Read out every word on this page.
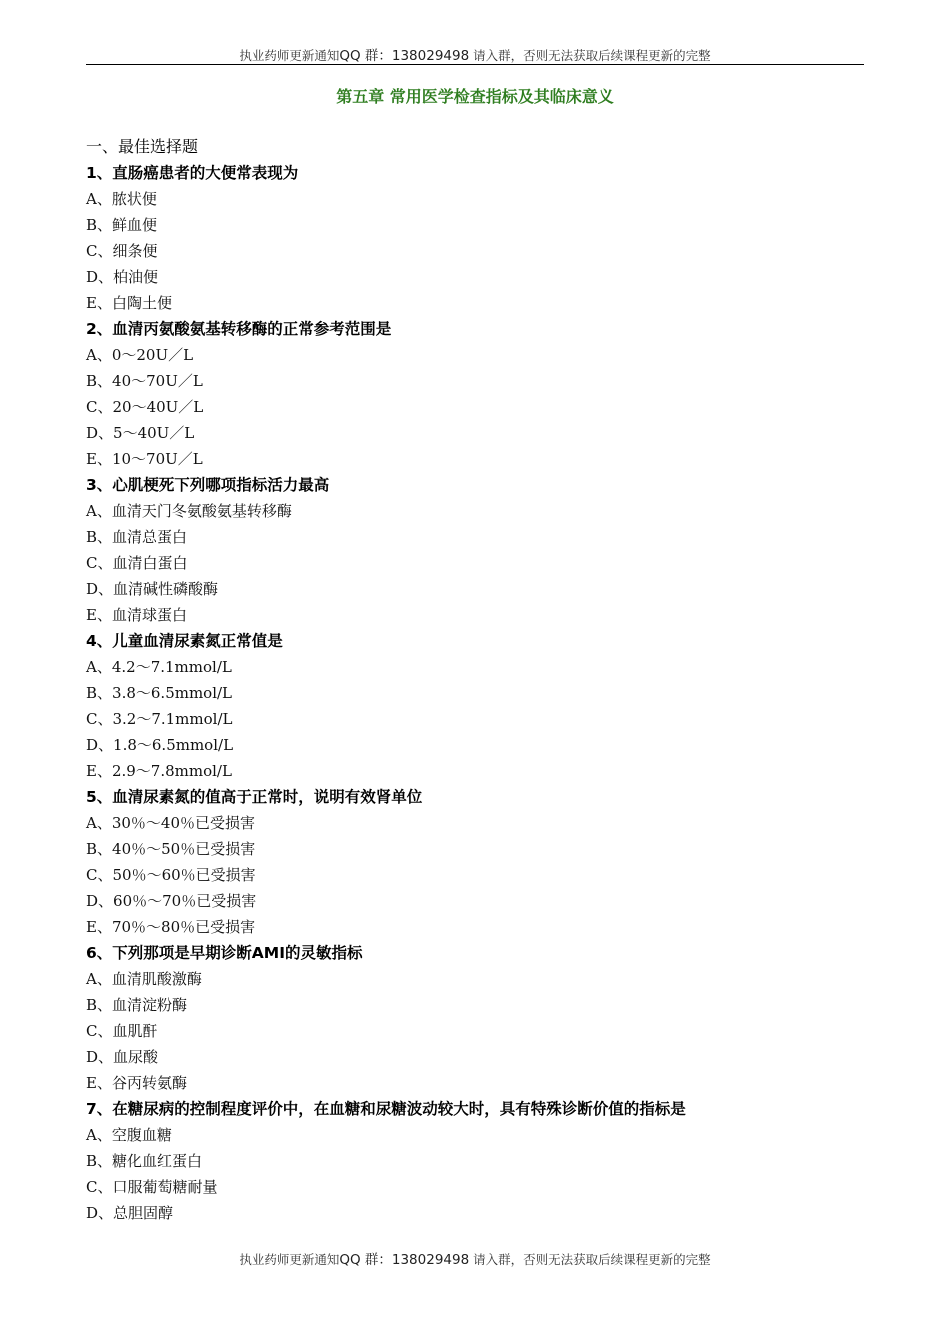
执业药师更新通知QQ 群：138029498 请入群，否则无法获取后续课程更新的完整
第五章 常用医学检查指标及其临床意义
一、最佳选择题
1、直肠癌患者的大便常表现为
A、脓状便
B、鲜血便
C、细条便
D、柏油便
E、白陶土便
2、血清丙氨酸氨基转移酶的正常参考范围是
A、0～20U／L
B、40～70U／L
C、20～40U／L
D、5～40U／L
E、10～70U／L
3、心肌梗死下列哪项指标活力最高
A、血清天门冬氨酸氨基转移酶
B、血清总蛋白
C、血清白蛋白
D、血清碱性磷酸酶
E、血清球蛋白
4、儿童血清尿素氮正常值是
A、4.2～7.1mmol/L
B、3.8～6.5mmol/L
C、3.2～7.1mmol/L
D、1.8～6.5mmol/L
E、2.9～7.8mmol/L
5、血清尿素氮的值高于正常时，说明有效肾单位
A、30％～40％已受损害
B、40％～50％已受损害
C、50％～60％已受损害
D、60％～70％已受损害
E、70％～80％已受损害
6、下列那项是早期诊断AMI的灵敏指标
A、血清肌酸激酶
B、血清淀粉酶
C、血肌酐
D、血尿酸
E、谷丙转氨酶
7、在糖尿病的控制程度评价中，在血糖和尿糖波动较大时，具有特殊诊断价值的指标是
A、空腹血糖
B、糖化血红蛋白
C、口服葡萄糖耐量
D、总胆固醇
执业药师更新通知QQ 群：138029498 请入群，否则无法获取后续课程更新的完整
